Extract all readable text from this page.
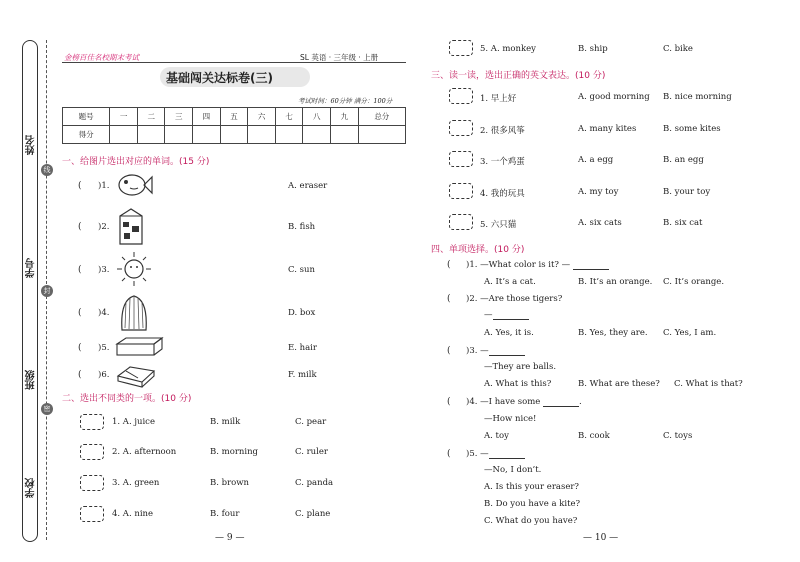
姓名
学号
班级
学校
线
封
密
金榜百佳名校期末考试	SL 英语 · 三年级 · 上册
基础闯关达标卷(三)
考试时间：60分钟 满分：100分
题号	一	二	三	四	五	六	七	八	九	总分
得分										
一、给图片选出对应的单词。(15 分)
( )1.	A. eraser
( )2.	B. fish
( )3.	C. sun
( )4.	D. box
( )5.	E. hair
( )6.	F. milk
二、选出不同类的一项。(10 分)
1. A. juice	B. milk	C. pear
2. A. afternoon	B. morning	C. ruler
3. A. green	B. brown	C. panda
4. A. nine	B. four	C. plane
— 9 —
5. A. monkey	B. ship	C. bike
三、读一读，选出正确的英文表达。(10 分)
1. 早上好	A. good morning B. nice morning
2. 很多风筝	A. many kites	B. some kites
3. 一个鸡蛋	A. a egg	B. an egg
4. 我的玩具	A. my toy	B. your toy
5. 六只猫	A. six cats	B. six cat
四、单项选择。(10 分)
( )1. —What color is it? —
A. It’s a cat.	B. It’s an orange. C. It’s orange.
( )2. —Are those tigers?
—
A. Yes, it is.	B. Yes, they are. C. Yes, I am.
( )3. —
—They are balls.
A. What is this?	B. What are these? C. What is that?
( )4. —I have some	.
—How nice!
A. toy	B. cook	C. toys
( )5. —
—No, I don’t.
A. Is this your eraser?
B. Do you have a kite?
C. What do you have?
— 10 —
